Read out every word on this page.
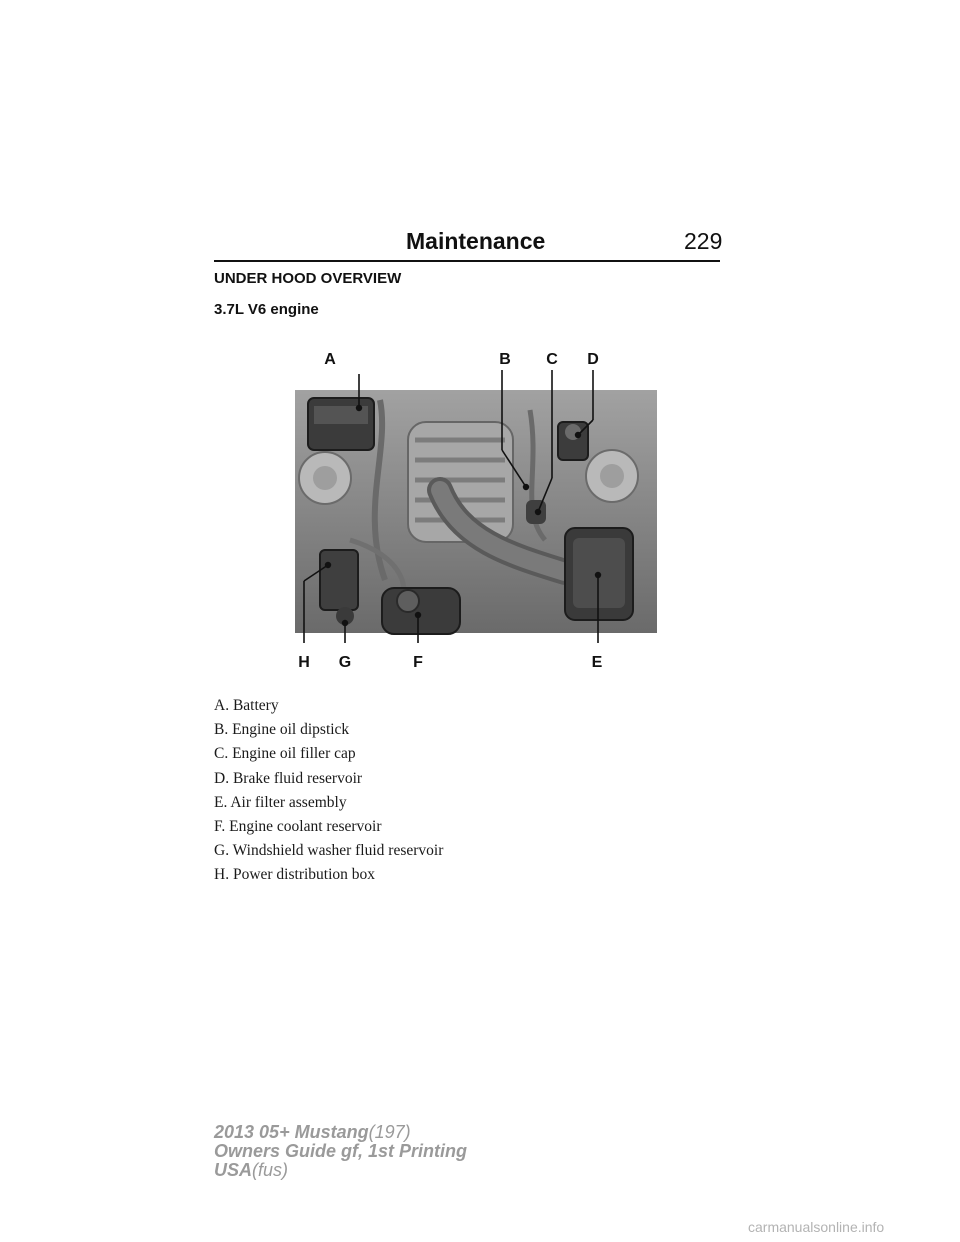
Maintenance	229
UNDER HOOD OVERVIEW
3.7L V6 engine
A	B C D
H G	F	E
A. Battery
B. Engine oil dipstick
C. Engine oil filler cap
D. Brake fluid reservoir
E. Air filter assembly
F. Engine coolant reservoir
G. Windshield washer fluid reservoir
H. Power distribution box
2013 05+ Mustang(197)
Owners Guide gf, 1st Printing
USA(fus)
carmanualsonline.info
